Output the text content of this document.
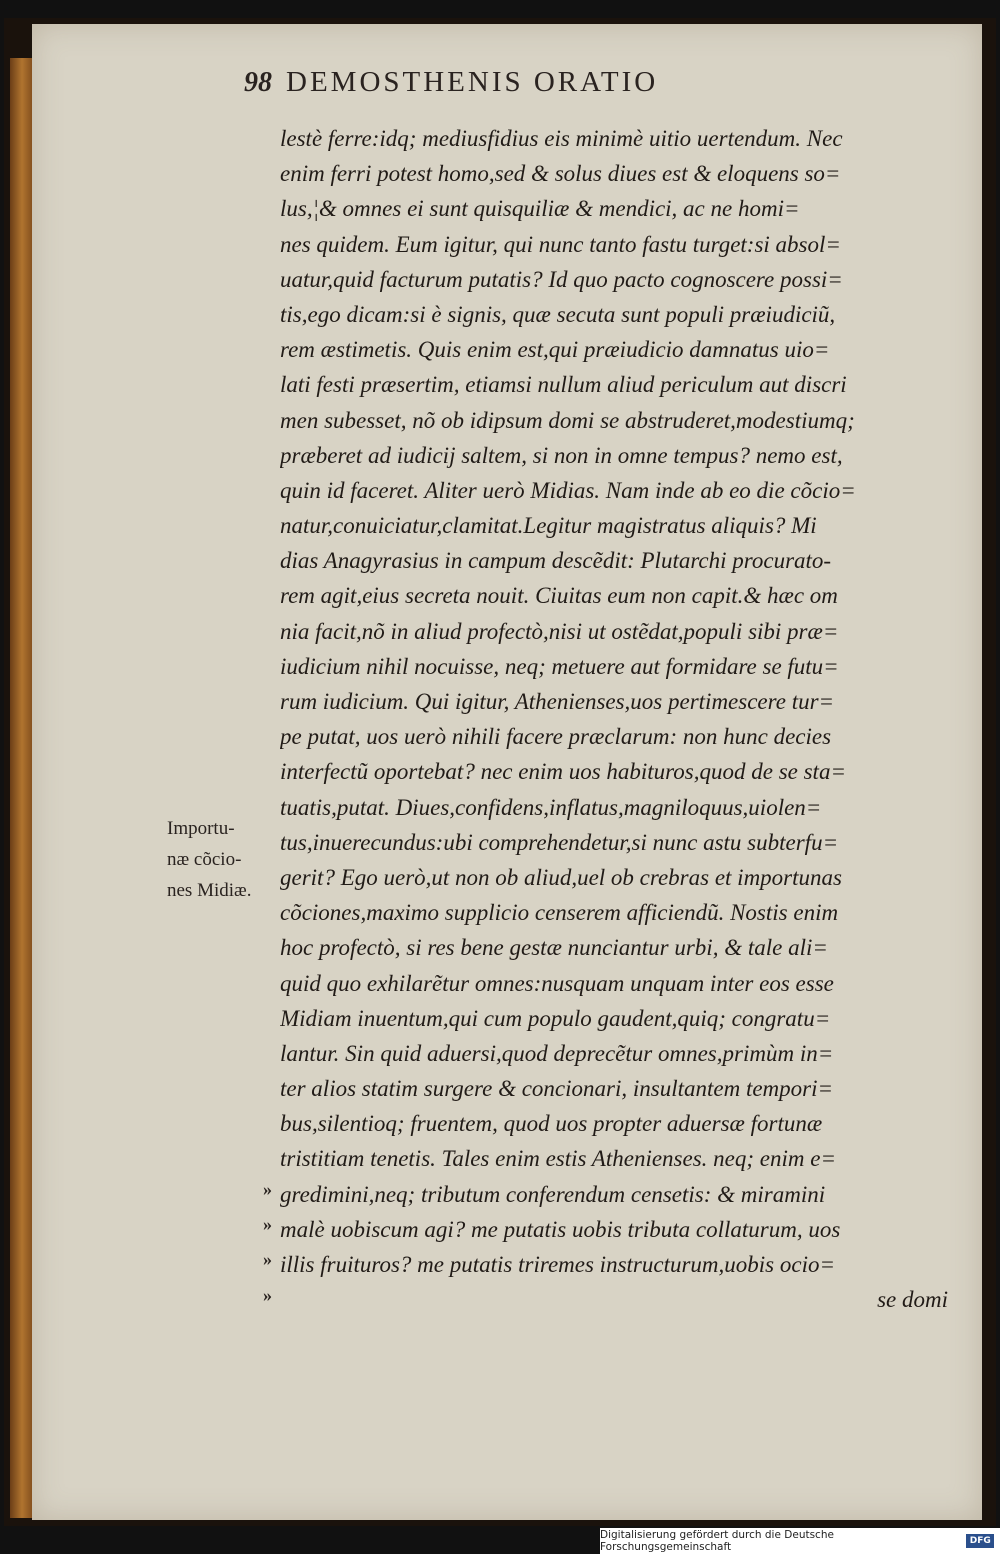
98 DEMOSTHENIS ORATIO
lestè ferre:idq; mediusfidius eis minimè uitio uertendum. Nec
enim ferri potest homo,sed & solus diues est & eloquens so=
lus,¦& omnes ei sunt quisquiliæ & mendici, ac ne homi=
nes quidem. Eum igitur, qui nunc tanto fastu turget:si absol=
uatur,quid facturum putatis? Id quo pacto cognoscere possi=
tis,ego dicam:si è signis, quæ secuta sunt populi præiudiciũ,
rem æstimetis. Quis enim est,qui præiudicio damnatus uio=
lati festi præsertim, etiamsi nullum aliud periculum aut discri
men subesset, nõ ob idipsum domi se abstruderet,modestiumq;
præberet ad iudicij saltem, si non in omne tempus? nemo est,
quin id faceret. Aliter uerò Midias. Nam inde ab eo die cõcio=
natur,conuiciatur,clamitat.Legitur magistratus aliquis? Mi
dias Anagyrasius in campum descẽdit: Plutarchi procurato-
rem agit,eius secreta nouit. Ciuitas eum non capit.& hæc om
nia facit,nõ in aliud profectò,nisi ut ostẽdat,populi sibi præ=
iudicium nihil nocuisse, neq; metuere aut formidare se futu=
rum iudicium. Qui igitur, Athenienses,uos pertimescere tur=
pe putat, uos uerò nihili facere præclarum: non hunc decies
interfectũ oportebat? nec enim uos habituros,quod de se sta=
tuatis,putat. Diues,confidens,inflatus,magniloquus,uiolen=
tus,inuerecundus:ubi comprehendetur,si nunc astu subterfu=
gerit? Ego uerò,ut non ob aliud,uel ob crebras et importunas
cõciones,maximo supplicio censerem afficiendũ. Nostis enim
hoc profectò, si res bene gestæ nunciantur urbi, & tale ali=
quid quo exhilarẽtur omnes:nusquam unquam inter eos esse
Midiam inuentum,qui cum populo gaudent,quiq; congratu=
lantur. Sin quid aduersi,quod deprecẽtur omnes,primùm in=
ter alios statim surgere & concionari, insultantem tempori=
bus,silentioq; fruentem, quod uos propter aduersæ fortunæ
tristitiam tenetis. Tales enim estis Athenienses. neq; enim e=
gredimini,neq; tributum conferendum censetis: & miramini
malè uobiscum agi? me putatis uobis tributa collaturum, uos
illis fruituros? me putatis triremes instructurum,uobis ocio=
se domi
Importu-
næ cõcio-
nes Midiæ.
»
»
»
»
Digitalisierung gefördert durch die Deutsche Forschungsgemeinschaft	DFG
